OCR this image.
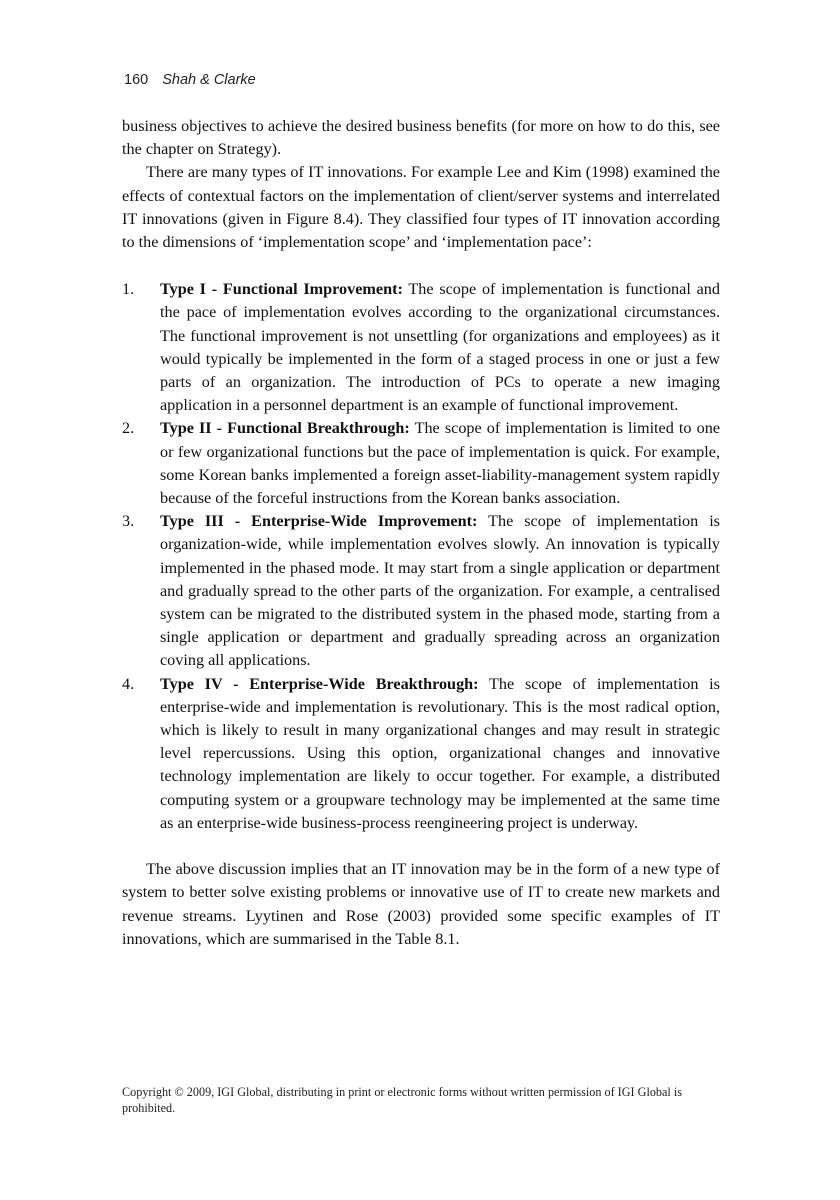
160 Shah & Clarke

business objectives to achieve the desired business benefits (for more on how to do this, see the chapter on Strategy).

There are many types of IT innovations. For example Lee and Kim (1998) examined the effects of contextual factors on the implementation of client/server systems and interrelated IT innovations (given in Figure 8.4). They classified four types of IT innovation according to the dimensions of ‘implementation scope’ and ‘implementation pace’:

1. Type I - Functional Improvement: The scope of implementation is functional and the pace of implementation evolves according to the organizational circumstances. The functional improvement is not unsettling (for organizations and employees) as it would typically be implemented in the form of a staged process in one or just a few parts of an organization. The introduction of PCs to operate a new imaging application in a personnel department is an example of functional improvement.
2. Type II - Functional Breakthrough: The scope of implementation is limited to one or few organizational functions but the pace of implementation is quick. For example, some Korean banks implemented a foreign asset-liability-management system rapidly because of the forceful instructions from the Korean banks association.
3. Type III - Enterprise-Wide Improvement: The scope of implementation is organization-wide, while implementation evolves slowly. An innovation is typically implemented in the phased mode. It may start from a single application or department and gradually spread to the other parts of the organization. For example, a centralised system can be migrated to the distributed system in the phased mode, starting from a single application or department and gradually spreading across an organization coving all applications.
4. Type IV - Enterprise-Wide Breakthrough: The scope of implementation is enterprise-wide and implementation is revolutionary. This is the most radical option, which is likely to result in many organizational changes and may result in strategic level repercussions. Using this option, organizational changes and innovative technology implementation are likely to occur together. For example, a distributed computing system or a groupware technology may be implemented at the same time as an enterprise-wide business-process reengineering project is underway.

The above discussion implies that an IT innovation may be in the form of a new type of system to better solve existing problems or innovative use of IT to create new markets and revenue streams. Lyytinen and Rose (2003) provided some specific examples of IT innovations, which are summarised in the Table 8.1.

Copyright © 2009, IGI Global, distributing in print or electronic forms without written permission of IGI Global is prohibited.
